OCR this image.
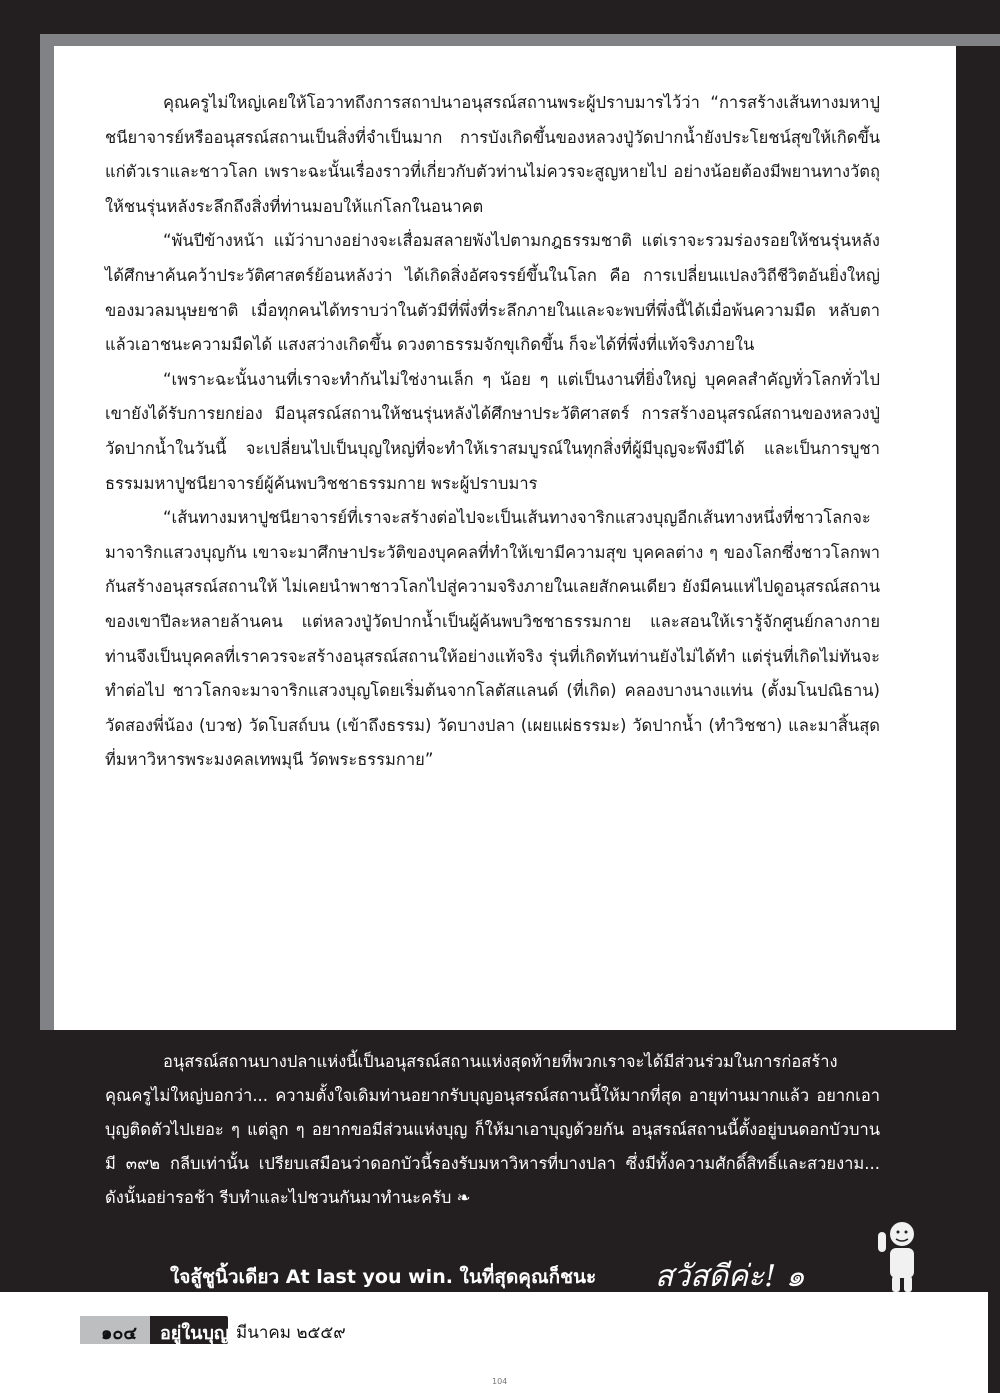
คุณครูไม่ใหญ่เคยให้โอวาทถึงการสถาปนาอนุสรณ์สถานพระผู้ปราบมารไว้ว่า “การสร้างเส้นทางมหาปูชนียาจารย์หรืออนุสรณ์สถานเป็นสิ่งที่จำเป็นมาก การบังเกิดขึ้นของหลวงปู่วัดปากน้ำยังประโยชน์สุขให้เกิดขึ้นแก่ตัวเราและชาวโลก เพราะฉะนั้นเรื่องราวที่เกี่ยวกับตัวท่านไม่ควรจะสูญหายไป อย่างน้อยต้องมีพยานทางวัตถุให้ชนรุ่นหลังระลึกถึงสิ่งที่ท่านมอบให้แก่โลกในอนาคต

“พันปีข้างหน้า แม้ว่าบางอย่างจะเสื่อมสลายพังไปตามกฎธรรมชาติ แต่เราจะรวมร่องรอยให้ชนรุ่นหลังได้ศึกษาค้นคว้าประวัติศาสตร์ย้อนหลังว่า ได้เกิดสิ่งอัศจรรย์ขึ้นในโลก คือ การเปลี่ยนแปลงวิถีชีวิตอันยิ่งใหญ่ของมวลมนุษยชาติ เมื่อทุกคนได้ทราบว่าในตัวมีที่พึ่งที่ระลึกภายในและจะพบที่พึ่งนี้ได้เมื่อพ้นความมืด หลับตาแล้วเอาชนะความมืดได้ แสงสว่างเกิดขึ้น ดวงตาธรรมจักขุเกิดขึ้น ก็จะได้ที่พึ่งที่แท้จริงภายใน

“เพราะฉะนั้นงานที่เราจะทำกันไม่ใช่งานเล็ก ๆ น้อย ๆ แต่เป็นงานที่ยิ่งใหญ่ บุคคลสำคัญทั่วโลกทั่วไปเขายังได้รับการยกย่อง มีอนุสรณ์สถานให้ชนรุ่นหลังได้ศึกษาประวัติศาสตร์ การสร้างอนุสรณ์สถานของหลวงปู่วัดปากน้ำในวันนี้ จะเปลี่ยนไปเป็นบุญใหญ่ที่จะทำให้เราสมบูรณ์ในทุกสิ่งที่ผู้มีบุญจะพึงมีได้ และเป็นการบูชาธรรมมหาปูชนียาจารย์ผู้ค้นพบวิชชาธรรมกาย พระผู้ปราบมาร

“เส้นทางมหาปูชนียาจารย์ที่เราจะสร้างต่อไปจะเป็นเส้นทางจาริกแสวงบุญอีกเส้นทางหนึ่งที่ชาวโลกจะมาจาริกแสวงบุญกัน เขาจะมาศึกษาประวัติของบุคคลที่ทำให้เขามีความสุข บุคคลต่าง ๆ ของโลกซึ่งชาวโลกพากันสร้างอนุสรณ์สถานให้ ไม่เคยนำพาชาวโลกไปสู่ความจริงภายในเลยสักคนเดียว ยังมีคนแห่ไปดูอนุสรณ์สถานของเขาปีละหลายล้านคน แต่หลวงปู่วัดปากน้ำเป็นผู้ค้นพบวิชชาธรรมกาย และสอนให้เรารู้จักศูนย์กลางกาย ท่านจึงเป็นบุคคลที่เราควรจะสร้างอนุสรณ์สถานให้อย่างแท้จริง รุ่นที่เกิดทันท่านยังไม่ได้ทำ แต่รุ่นที่เกิดไม่ทันจะทำต่อไป ชาวโลกจะมาจาริกแสวงบุญโดยเริ่มต้นจากโลตัสแลนด์ (ที่เกิด) คลองบางนางแท่น (ตั้งมโนปณิธาน) วัดสองพี่น้อง (บวช) วัดโบสถ์บน (เข้าถึงธรรม) วัดบางปลา (เผยแผ่ธรรมะ) วัดปากน้ำ (ทำวิชชา) และมาสิ้นสุดที่มหาวิหารพระมงคลเทพมุนี วัดพระธรรมกาย”

อนุสรณ์สถานบางปลาแห่งนี้เป็นอนุสรณ์สถานแห่งสุดท้ายที่พวกเราจะได้มีส่วนร่วมในการก่อสร้าง คุณครูไม่ใหญ่บอกว่า... ความตั้งใจเดิมท่านอยากรับบุญอนุสรณ์สถานนี้ให้มากที่สุด อายุท่านมากแล้ว อยากเอาบุญติดตัวไปเยอะ ๆ แต่ลูก ๆ อยากขอมีส่วนแห่งบุญ ก็ให้มาเอาบุญด้วยกัน อนุสรณ์สถานนี้ตั้งอยู่บนดอกบัวบาน มี ๓๙๒ กลีบเท่านั้น เปรียบเสมือนว่าดอกบัวนี้รองรับมหาวิหารที่บางปลา ซึ่งมีทั้งความศักดิ์สิทธิ์และสวยงาม... ดังนั้นอย่ารอช้า รีบทำและไปชวนกันมาทำนะครับ ❧

ใจสู้ชูนิ้วเดียว At last you win. ในที่สุดคุณก็ชนะ สวัสดีค่ะ! ๑
๑๐๔	อยู่ในบุญ มีนาคม ๒๕๕๙
104
